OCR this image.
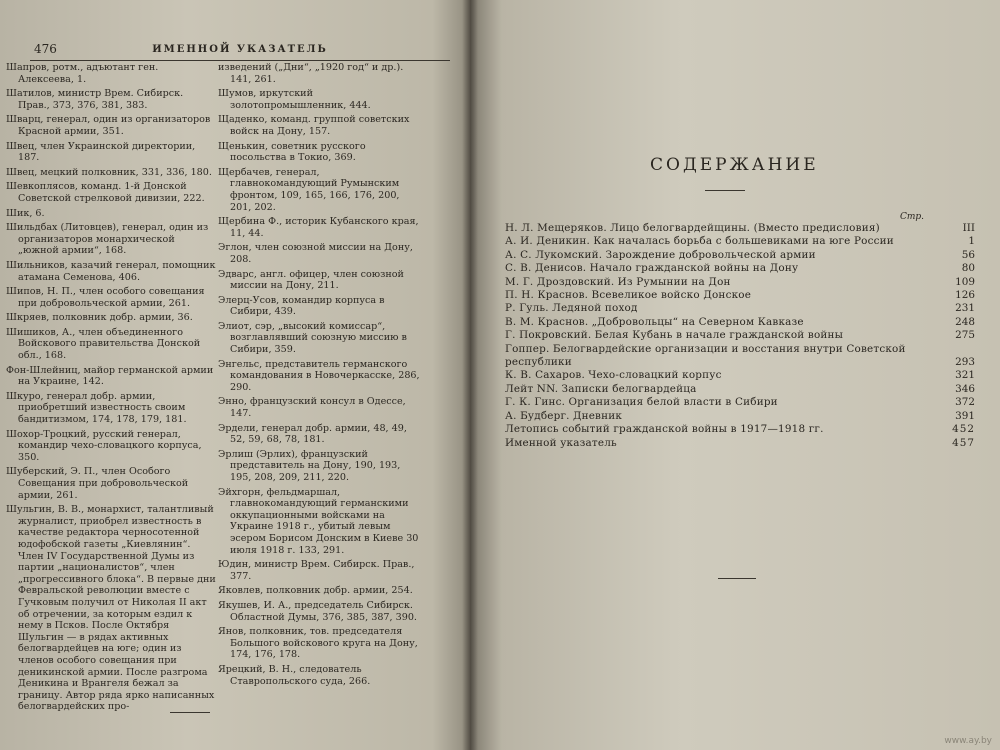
476	ИМЕННОЙ УКАЗАТЕЛЬ
Шапров, ротм., адъютант ген. Алексеева, 1.
Шатилов, министр Врем. Сибирск. Прав., 373, 376, 381, 383.
Шварц, генерал, один из организаторов Красной армии, 351.
Швец, член Украинской директории, 187.
Швец, мецкий полковник, 331, 336, 180.
Шевкоплясов, команд. 1-й Донской Советской стрелковой дивизии, 222.
Шик, 6.
Шильдбах (Литовцев), генерал, один из организаторов монархической „южной армии“, 168.
Шильников, казачий генерал, помощник атамана Семенова, 406.
Шипов, Н. П., член особого совещания при добровольческой армии, 261.
Шкряев, полковник добр. армии, 36.
Шишиков, А., член объединенного Войскового правительства Донской обл., 168.
Фон-Шлейниц, майор германской армии на Украине, 142.
Шкуро, генерал добр. армии, приобретший известность своим бандитизмом, 174, 178, 179, 181.
Шохор-Троцкий, русский генерал, командир чехо-словацкого корпуса, 350.
Шуберский, Э. П., член Особого Совещания при добровольческой армии, 261.
Шульгин, В. В., монархист, талантливый журналист, приобрел известность в качестве редактора черносотенной юдофобской газеты „Киевлянин“. Член IV Государственной Думы из партии „националистов“, член „прогрессивного блока“. В первые дни Февральской революции вместе с Гучковым получил от Николая II акт об отречении, за которым ездил к нему в Псков. После Октября Шульгин — в рядах активных белогвардейцев на юге; один из членов особого совещания при деникинской армии. После разгрома Деникина и Врангеля бежал за границу. Автор ряда ярко написанных белогвардейских про-
изведений („Дни“, „1920 год“ и др.). 141, 261.
Шумов, иркутский золотопромышленник, 444.
Щаденко, команд. группой советских войск на Дону, 157.
Щенькин, советник русского посольства в Токио, 369.
Щербачев, генерал, главнокомандующий Румынским фронтом, 109, 165, 166, 176, 200, 201, 202.
Щербина Ф., историк Кубанского края, 11, 44.
Эглон, член союзной миссии на Дону, 208.
Эдварс, англ. офицер, член союзной миссии на Дону, 211.
Элерц-Усов, командир корпуса в Сибири, 439.
Элиот, сэр, „высокий комиссар“, возглавлявший союзную миссию в Сибири, 359.
Энгельс, представитель германского командования в Новочеркасске, 286, 290.
Энно, французский консул в Одессе, 147.
Эрдели, генерал добр. армии, 48, 49, 52, 59, 68, 78, 181.
Эрлиш (Эрлих), французский представитель на Дону, 190, 193, 195, 208, 209, 211, 220.
Эйхгорн, фельдмаршал, главнокомандующий германскими оккупационными войсками на Украине 1918 г., убитый левым эсером Борисом Донским в Киеве 30 июля 1918 г. 133, 291.
Юдин, министр Врем. Сибирск. Прав., 377.
Яковлев, полковник добр. армии, 254.
Якушев, И. А., председатель Сибирск. Областной Думы, 376, 385, 387, 390.
Янов, полковник, тов. председателя Большого войскового круга на Дону, 174, 176, 178.
Ярецкий, В. Н., следователь Ставропольского суда, 266.
СОДЕРЖАНИЕ
Стр.
Н. Л. Мещеряков. Лицо белогвардейщины. (Вместо предисловия)	III
А. И. Деникин. Как началась борьба с большевиками на юге России	1
А. С. Лукомский. Зарождение добровольческой армии	56
С. В. Денисов. Начало гражданской войны на Дону	80
М. Г. Дроздовский. Из Румынии на Дон	109
П. Н. Краснов. Всевеликое войско Донское	126
Р. Гуль. Ледяной поход	231
В. М. Краснов. „Добровольцы“ на Северном Кавказе	248
Г. Покровский. Белая Кубань в начале гражданской войны	275
Гоппер. Белогвардейские организации и восстания внутри Советской республики	293
К. В. Сахаров. Чехо-словацкий корпус	321
Лейт NN. Записки белогвардейца	346
Г. К. Гинс. Организация белой власти в Сибири	372
А. Будберг. Дневник	391
Летопись событий гражданской войны в 1917—1918 гг.	452
Именной указатель	457
www.ay.by
